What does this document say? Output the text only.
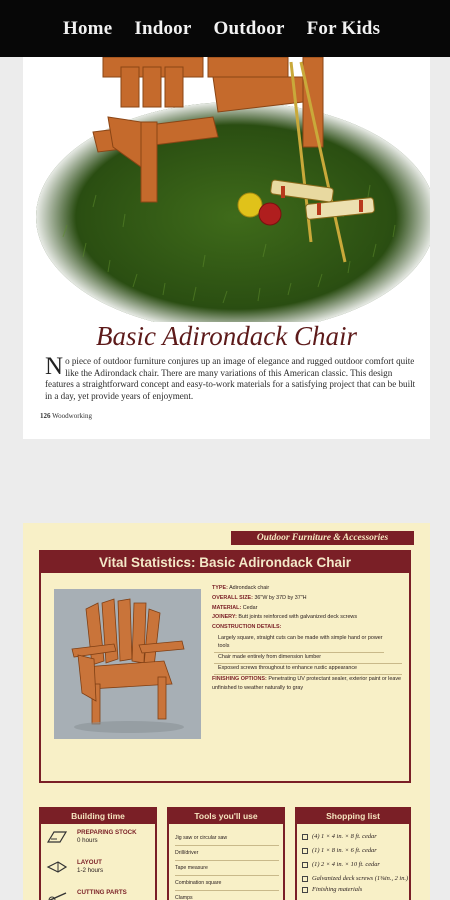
Home Indoor Outdoor For Kids
Basic Adirondack Chair
No piece of outdoor furniture conjures up an image of elegance and rugged outdoor comfort quite like the Adirondack chair. There are many variations of this American classic. This design features a straightforward concept and easy-to-work materials for a satisfying project that can be built in a day, yet provide years of enjoyment.
126 Woodworking
Outdoor Furniture & Accessories
Vital Statistics: Basic Adirondack Chair
TYPE: Adirondack chair
OVERALL SIZE: 36"W by 37D by 37"H
MATERIAL: Cedar
JOINERY: Butt joints reinforced with galvanized deck screws
CONSTRUCTION DETAILS:
Largely square, straight cuts can be made with simple hand or power tools
Chair made entirely from dimension lumber
Exposed screws throughout to enhance rustic appearance
FINISHING OPTIONS: Penetrating UV protectant sealer, exterior paint or leave unfinished to weather naturally to gray
Building time
PREPARING STOCK
0 hours
LAYOUT
1-2 hours
CUTTING PARTS
Tools you'll use
Jig saw or circular saw
Drill/driver
Tape measure
Combination square
Clamps
Shopping list
(4) 1 × 4 in. × 8 ft. cedar
(1) 1 × 8 in. × 6 ft. cedar
(1) 2 × 4 in. × 10 ft. cedar
Galvanized deck screws (1⅝in., 2 in.)
Finishing materials
